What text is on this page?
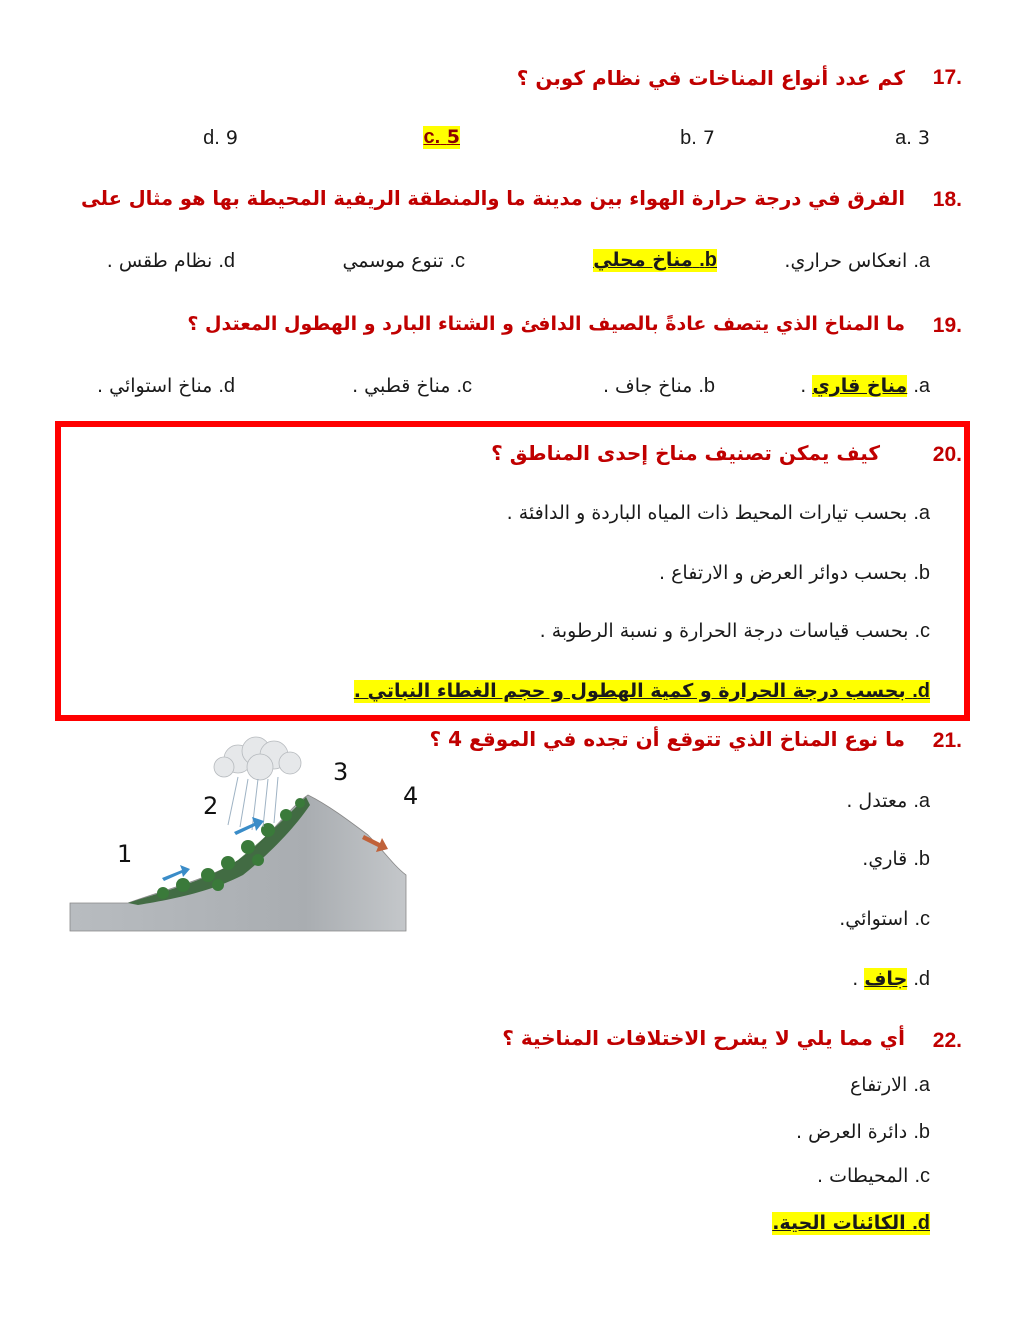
17.
كم عدد أنواع المناخات في نظام كوبن ؟
a. 3
b. 7
c. 5
d. 9
18.
الفرق في درجة حرارة الهواء بين مدينة ما والمنطقة الريفية المحيطة بها هو مثال على
a. انعكاس حراري.
b. مناخ محلي
c. تنوع موسمي
d. نظام طقس .
19.
ما المناخ الذي يتصف عادةً بالصيف الدافئ و الشتاء البارد و الهطول المعتدل ؟
a. مناخ قاري .
b. مناخ جاف .
c. مناخ قطبي .
d. مناخ استوائي .
20.
كيف يمكن تصنيف مناخ إحدى المناطق ؟
a. بحسب تيارات المحيط ذات المياه الباردة و الدافئة .
b. بحسب دوائر العرض و الارتفاع .
c. بحسب قياسات درجة الحرارة و نسبة الرطوبة .
d. بحسب درجة الحرارة و كمية الهطول و حجم الغطاء النباتي .
21.
ما نوع المناخ الذي تتوقع أن تجده في الموقع 4 ؟
a. معتدل .
b. قاري.
c. استوائي.
d. جاف .
1
2
3
4
22.
أي مما يلي لا يشرح الاختلافات المناخية ؟
a. الارتفاع
b. دائرة العرض .
c. المحيطات .
d. الكائنات الحية.
